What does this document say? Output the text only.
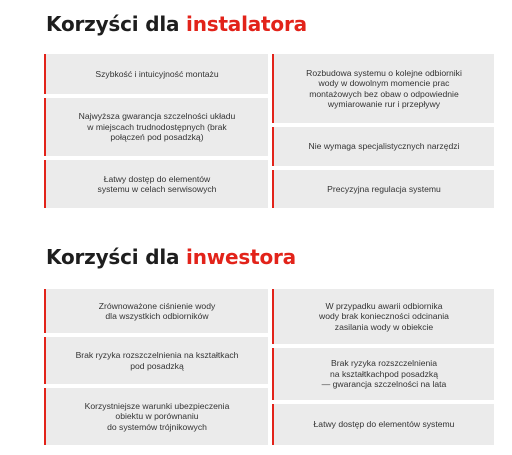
Korzyści dla instalatora
Szybkość i intuicyjność montażu
Najwyższa gwarancja szczelności układu
w miejscach trudnodostępnych (brak
połączeń pod posadzką)
Łatwy dostęp do elementów
systemu w celach serwisowych
Rozbudowa systemu o kolejne odbiorniki
wody w dowolnym momencie prac
montażowych bez obaw o odpowiednie
wymiarowanie rur i przepływy
Nie wymaga specjalistycznych narzędzi
Precyzyjna regulacja systemu
Korzyści dla inwestora
Zrównoważone ciśnienie wody
dla wszystkich odbiorników
Brak ryzyka rozszczelnienia na kształtkach
pod posadzką
Korzystniejsze warunki ubezpieczenia
obiektu w porównaniu
do systemów trójnikowych
W przypadku awarii odbiornika
wody brak konieczności odcinania
zasilania wody w obiekcie
Brak ryzyka rozszczelnienia
na kształtkachpod posadzką
— gwarancja szczelności na lata
Łatwy dostęp do elementów systemu
